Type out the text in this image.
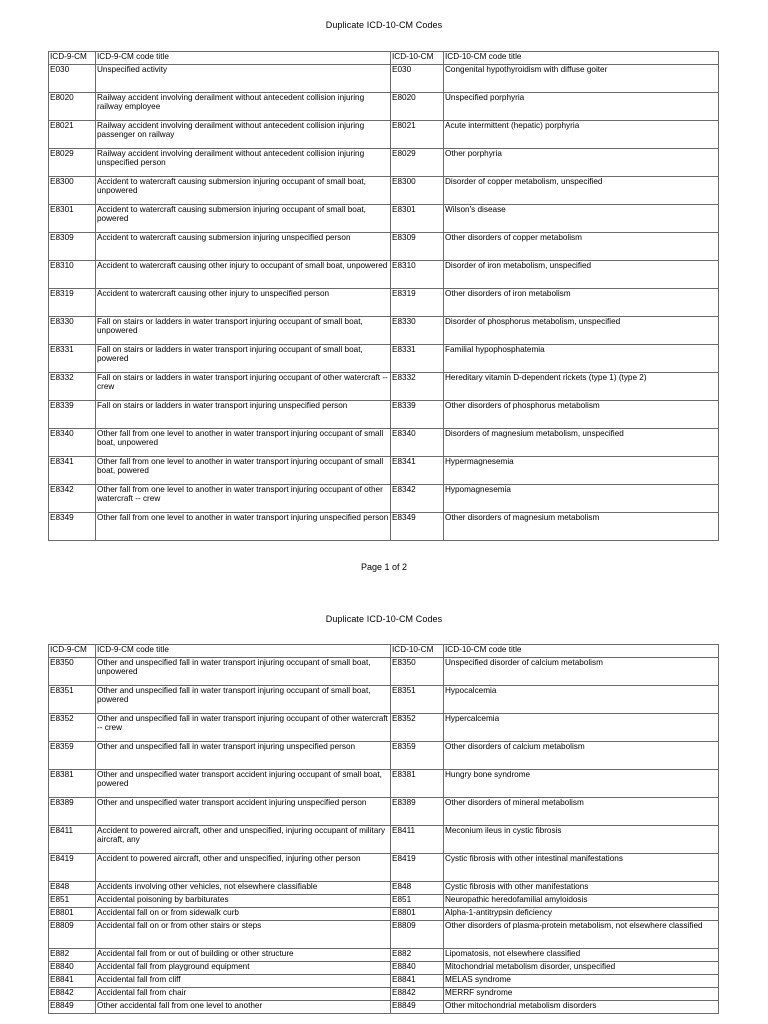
Duplicate ICD-10-CM Codes
ICD-9-CM	ICD-9-CM code title	ICD-10-CM	ICD-10-CM code title
E030	Unspecified activity	E030	Congenital hypothyroidism with diffuse goiter
E8020	Railway accident involving derailment without antecedent collision injuring railway employee	E8020	Unspecified porphyria
E8021	Railway accident involving derailment without antecedent collision injuring passenger on railway	E8021	Acute intermittent (hepatic) porphyria
E8029	Railway accident involving derailment without antecedent collision injuring unspecified person	E8029	Other porphyria
E8300	Accident to watercraft causing submersion injuring occupant of small boat, unpowered	E8300	Disorder of copper metabolism, unspecified
E8301	Accident to watercraft causing submersion injuring occupant of small boat, powered	E8301	Wilson's disease
E8309	Accident to watercraft causing submersion injuring unspecified person	E8309	Other disorders of copper metabolism
E8310	Accident to watercraft causing other injury to occupant of small boat, unpowered	E8310	Disorder of iron metabolism, unspecified
E8319	Accident to watercraft causing other injury to unspecified person	E8319	Other disorders of iron metabolism
E8330	Fall on stairs or ladders in water transport injuring occupant of small boat, unpowered	E8330	Disorder of phosphorus metabolism, unspecified
E8331	Fall on stairs or ladders in water transport injuring occupant of small boat, powered	E8331	Familial hypophosphatemia
E8332	Fall on stairs or ladders in water transport injuring occupant of other watercraft -- crew	E8332	Hereditary vitamin D-dependent rickets (type 1) (type 2)
E8339	Fall on stairs or ladders in water transport injuring unspecified person	E8339	Other disorders of phosphorus metabolism
E8340	Other fall from one level to another in water transport injuring occupant of small boat, unpowered	E8340	Disorders of magnesium metabolism, unspecified
E8341	Other fall from one level to another in water transport injuring occupant of small boat, powered	E8341	Hypermagnesemia
E8342	Other fall from one level to another in water transport injuring occupant of other watercraft -- crew	E8342	Hypomagnesemia
E8349	Other fall from one level to another in water transport injuring unspecified person	E8349	Other disorders of magnesium metabolism
Page 1 of 2
Duplicate ICD-10-CM Codes
ICD-9-CM	ICD-9-CM code title	ICD-10-CM	ICD-10-CM code title
E8350	Other and unspecified fall in water transport injuring occupant of small boat, unpowered	E8350	Unspecified disorder of calcium metabolism
E8351	Other and unspecified fall in water transport injuring occupant of small boat, powered	E8351	Hypocalcemia
E8352	Other and unspecified fall in water transport injuring occupant of other watercraft -- crew	E8352	Hypercalcemia
E8359	Other and unspecified fall in water transport injuring unspecified person	E8359	Other disorders of calcium metabolism
E8381	Other and unspecified water transport accident injuring occupant of small boat, powered	E8381	Hungry bone syndrome
E8389	Other and unspecified water transport accident injuring unspecified person	E8389	Other disorders of mineral metabolism
E8411	Accident to powered aircraft, other and unspecified, injuring occupant of military aircraft, any	E8411	Meconium ileus in cystic fibrosis
E8419	Accident to powered aircraft, other and unspecified, injuring other person	E8419	Cystic fibrosis with other intestinal manifestations
E848	Accidents involving other vehicles, not elsewhere classifiable	E848	Cystic fibrosis with other manifestations
E851	Accidental poisoning by barbiturates	E851	Neuropathic heredofamilial amyloidosis
E8801	Accidental fall on or from sidewalk curb	E8801	Alpha-1-antitrypsin deficiency
E8809	Accidental fall on or from other stairs or steps	E8809	Other disorders of plasma-protein metabolism, not elsewhere classified
E882	Accidental fall from or out of building or other structure	E882	Lipomatosis, not elsewhere classified
E8840	Accidental fall from playground equipment	E8840	Mitochondrial metabolism disorder, unspecified
E8841	Accidental fall from cliff	E8841	MELAS syndrome
E8842	Accidental fall from chair	E8842	MERRF syndrome
E8849	Other accidental fall from one level to another	E8849	Other mitochondrial metabolism disorders
